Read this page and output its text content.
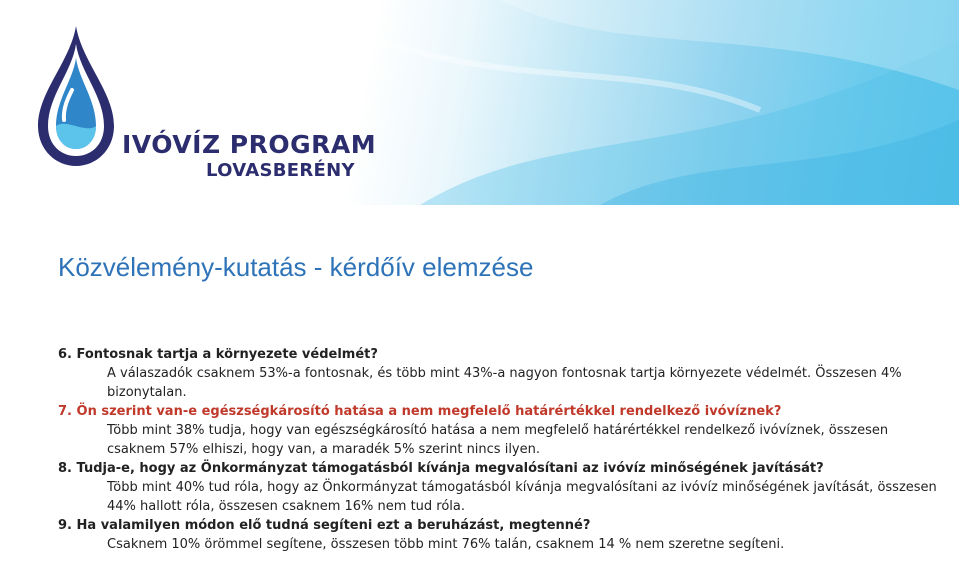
IVÓVÍZ PROGRAM
LOVASBERÉNY
Közvélemény-kutatás - kérdőív elemzése

6. Fontosnak tartja a környezete védelmét?

A válaszadók csaknem 53%-a fontosnak, és több mint 43%-a nagyon fontosnak tartja környezete védelmét. Összesen 4% bizonytalan.

7. Ön szerint van-e egészségkárosító hatása a nem megfelelő határértékkel rendelkező ivóvíznek?

Több mint 38% tudja, hogy van egészségkárosító hatása a nem megfelelő határértékkel rendelkező ivóvíznek, összesen csaknem 57% elhiszi, hogy van, a maradék 5% szerint nincs ilyen.

8. Tudja-e, hogy az Önkormányzat támogatásból kívánja megvalósítani az ivóvíz minőségének javítását?

Több mint 40% tud róla, hogy az Önkormányzat támogatásból kívánja megvalósítani az ivóvíz minőségének javítását, összesen 44% hallott róla, összesen csaknem 16% nem tud róla.

9. Ha valamilyen módon elő tudná segíteni ezt a beruházást, megtenné?

Csaknem 10% örömmel segítene, összesen több mint 76% talán, csaknem 14 % nem szeretne segíteni.
